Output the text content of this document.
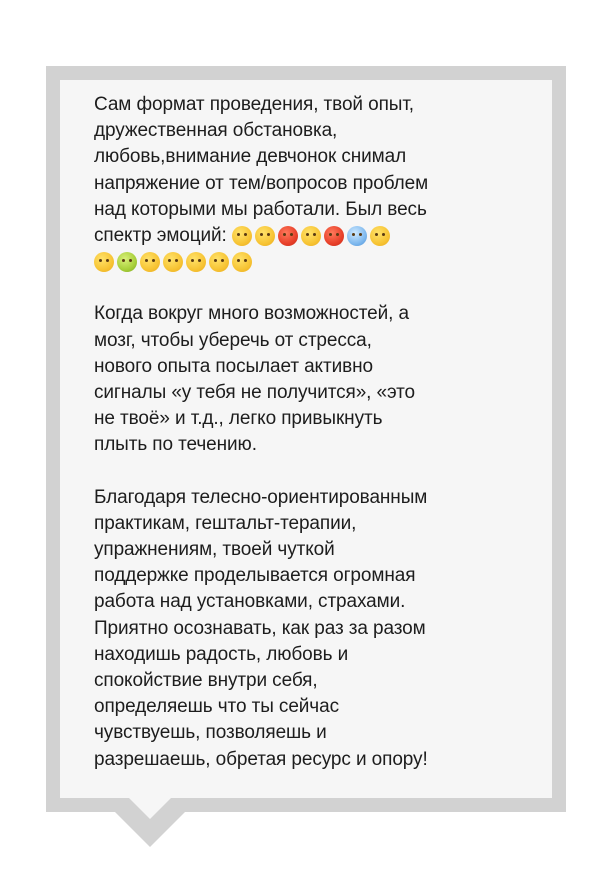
Сам формат проведения, твой опыт,
дружественная обстановка,
любовь,внимание девчонок снимал
напряжение от тем/вопросов проблем
над которыми мы работали. Был весь
спектр эмоций:
Когда вокруг много возможностей, а
мозг, чтобы уберечь от стресса,
нового опыта посылает активно
сигналы «у тебя не получится», «это
не твоё» и т.д., легко привыкнуть
плыть по течению.
Благодаря телесно-ориентированным
практикам, гештальт-терапии,
упражнениям, твоей чуткой
поддержке проделывается огромная
работа над установками, страхами.
Приятно осознавать, как раз за разом
находишь радость, любовь и
спокойствие внутри себя,
определяешь что ты сейчас
чувствуешь, позволяешь и
разрешаешь, обретая ресурс и опору!
